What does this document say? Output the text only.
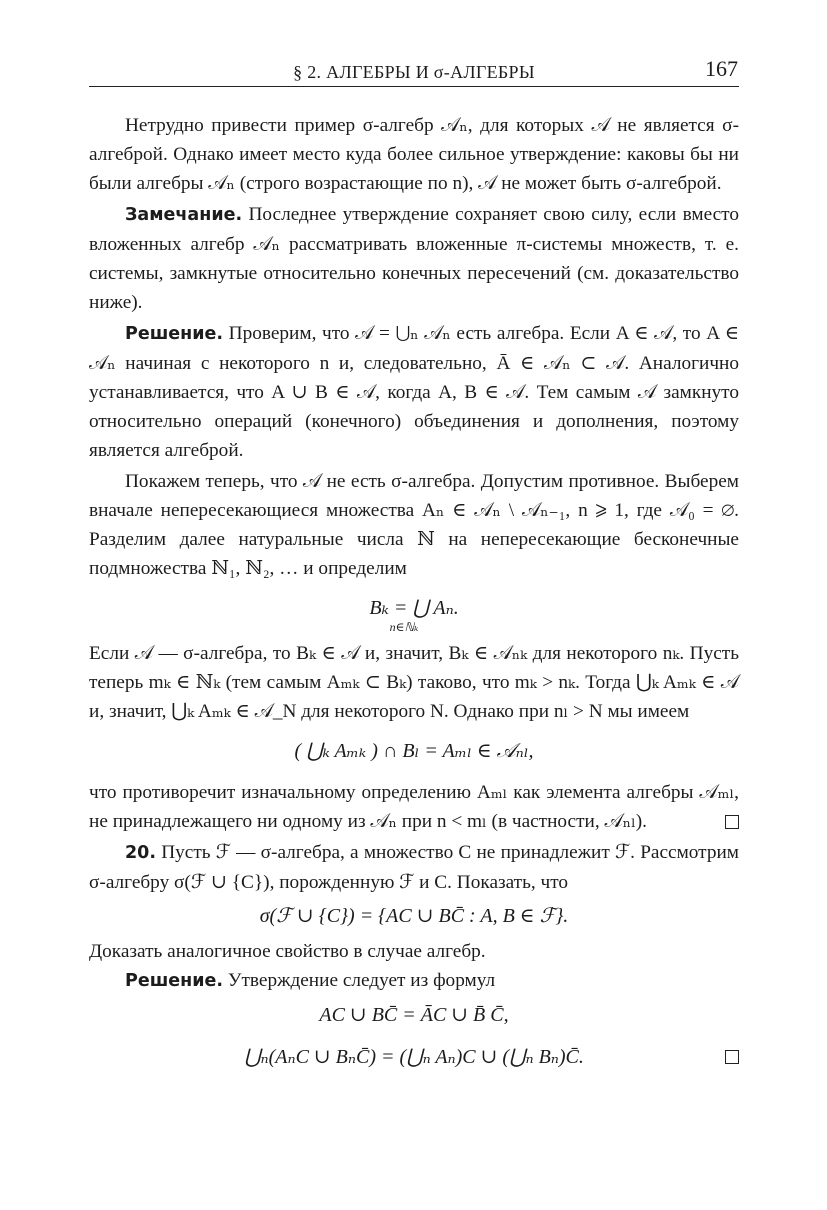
§ 2. АЛГЕБРЫ И σ-АЛГЕБРЫ	167

Нетрудно привести пример σ-алгебр 𝒜ₙ, для которых 𝒜 не является σ-алгеброй. Однако имеет место куда более сильное утверждение: каковы бы ни были алгебры 𝒜ₙ (строго возрастающие по n), 𝒜 не может быть σ-алгеброй.

Замечание. Последнее утверждение сохраняет свою силу, если вместо вложенных алгебр 𝒜ₙ рассматривать вложенные π-системы множеств, т. е. системы, замкнутые относительно конечных пересечений (см. доказательство ниже).

Решение. Проверим, что 𝒜 = ⋃ₙ 𝒜ₙ есть алгебра. Если A ∈ 𝒜, то A ∈ 𝒜ₙ начиная с некоторого n и, следовательно, Ā ∈ 𝒜ₙ ⊂ 𝒜. Аналогично устанавливается, что A ∪ B ∈ 𝒜, когда A, B ∈ 𝒜. Тем самым 𝒜 замкнуто относительно операций (конечного) объединения и дополнения, поэтому является алгеброй.

Покажем теперь, что 𝒜 не есть σ-алгебра. Допустим противное. Выберем вначале непересекающиеся множества Aₙ ∈ 𝒜ₙ \ 𝒜ₙ₋₁, n ⩾ 1, где 𝒜₀ = ∅. Разделим далее натуральные числа ℕ на непересекающие бесконечные подмножества ℕ₁, ℕ₂, … и определим

Bₖ = ⋃ Aₙ.
n∈ℕₖ

Если 𝒜 — σ-алгебра, то Bₖ ∈ 𝒜 и, значит, Bₖ ∈ 𝒜ₙₖ для некоторого nₖ. Пусть теперь mₖ ∈ ℕₖ (тем самым Aₘₖ ⊂ Bₖ) таково, что mₖ > nₖ. Тогда ⋃ₖ Aₘₖ ∈ 𝒜 и, значит, ⋃ₖ Aₘₖ ∈ 𝒜_N для некоторого N. Однако при nₗ > N мы имеем

( ⋃ₖ Aₘₖ ) ∩ Bₗ = Aₘₗ ∈ 𝒜ₙₗ,

что противоречит изначальному определению Aₘₗ как элемента алгебры 𝒜ₘₗ, не принадлежащего ни одному из 𝒜ₙ при n < mₗ (в частности, 𝒜ₙₗ).

20. Пусть ℱ — σ-алгебра, а множество C не принадлежит ℱ. Рассмотрим σ-алгебру σ(ℱ ∪ {C}), порожденную ℱ и C. Показать, что

σ(ℱ ∪ {C}) = {AC ∪ BC̄ : A, B ∈ ℱ}.

Доказать аналогичное свойство в случае алгебр.

Решение. Утверждение следует из формул

AC ∪ BC̄ = ĀC ∪ B̄ C̄,
⋃ₙ(AₙC ∪ BₙC̄) = (⋃ₙ Aₙ)C ∪ (⋃ₙ Bₙ)C̄.
